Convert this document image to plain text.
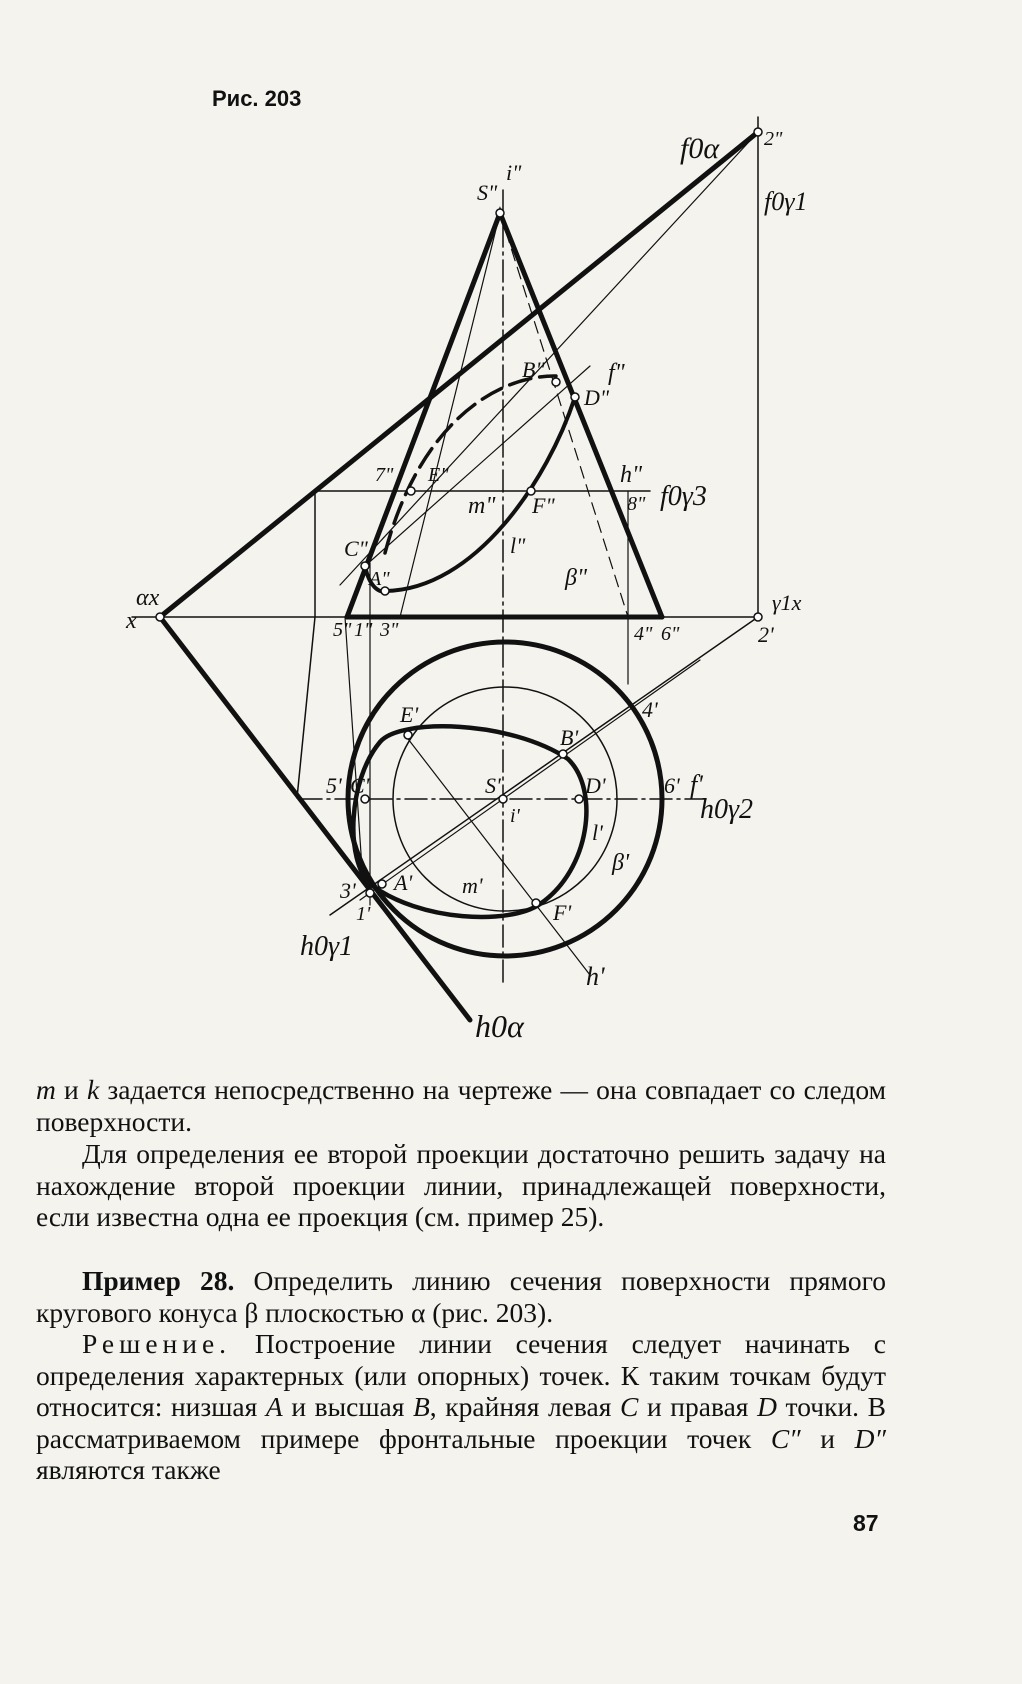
Рис. 203
f0α 2"
f0γ1
S"
i"
B"	f"
D"
7" E"
m" F"
h"
8" f0γ3
C"
A"
l"
β"
αx
x	5" 1" 3"	4" 6"
γ1x
2'
4'
E'
B'
5' C'	S'
i'
D'	6' f'
h0γ2
l'
β'
m'
3' A'
1'	F'
h0γ1
h'
h0α
m и k задается непосредственно на чертеже — она совпадает со следом поверхности.
Для определения ее второй проекции достаточно решить задачу на нахождение второй проекции линии, принадлежащей поверхности, если известна одна ее проекция (см. пример 25).
Пример 28. Определить линию сечения поверхности прямого кругового конуса β плоскостью α (рис. 203).
Решение. Построение линии сечения следует начинать с определения характерных (или опорных) точек. К таким точкам будут относится: низшая A и высшая B, крайняя левая C и правая D точки. В рассматриваемом примере фронтальные проекции точек C″ и D″ являются также
87
